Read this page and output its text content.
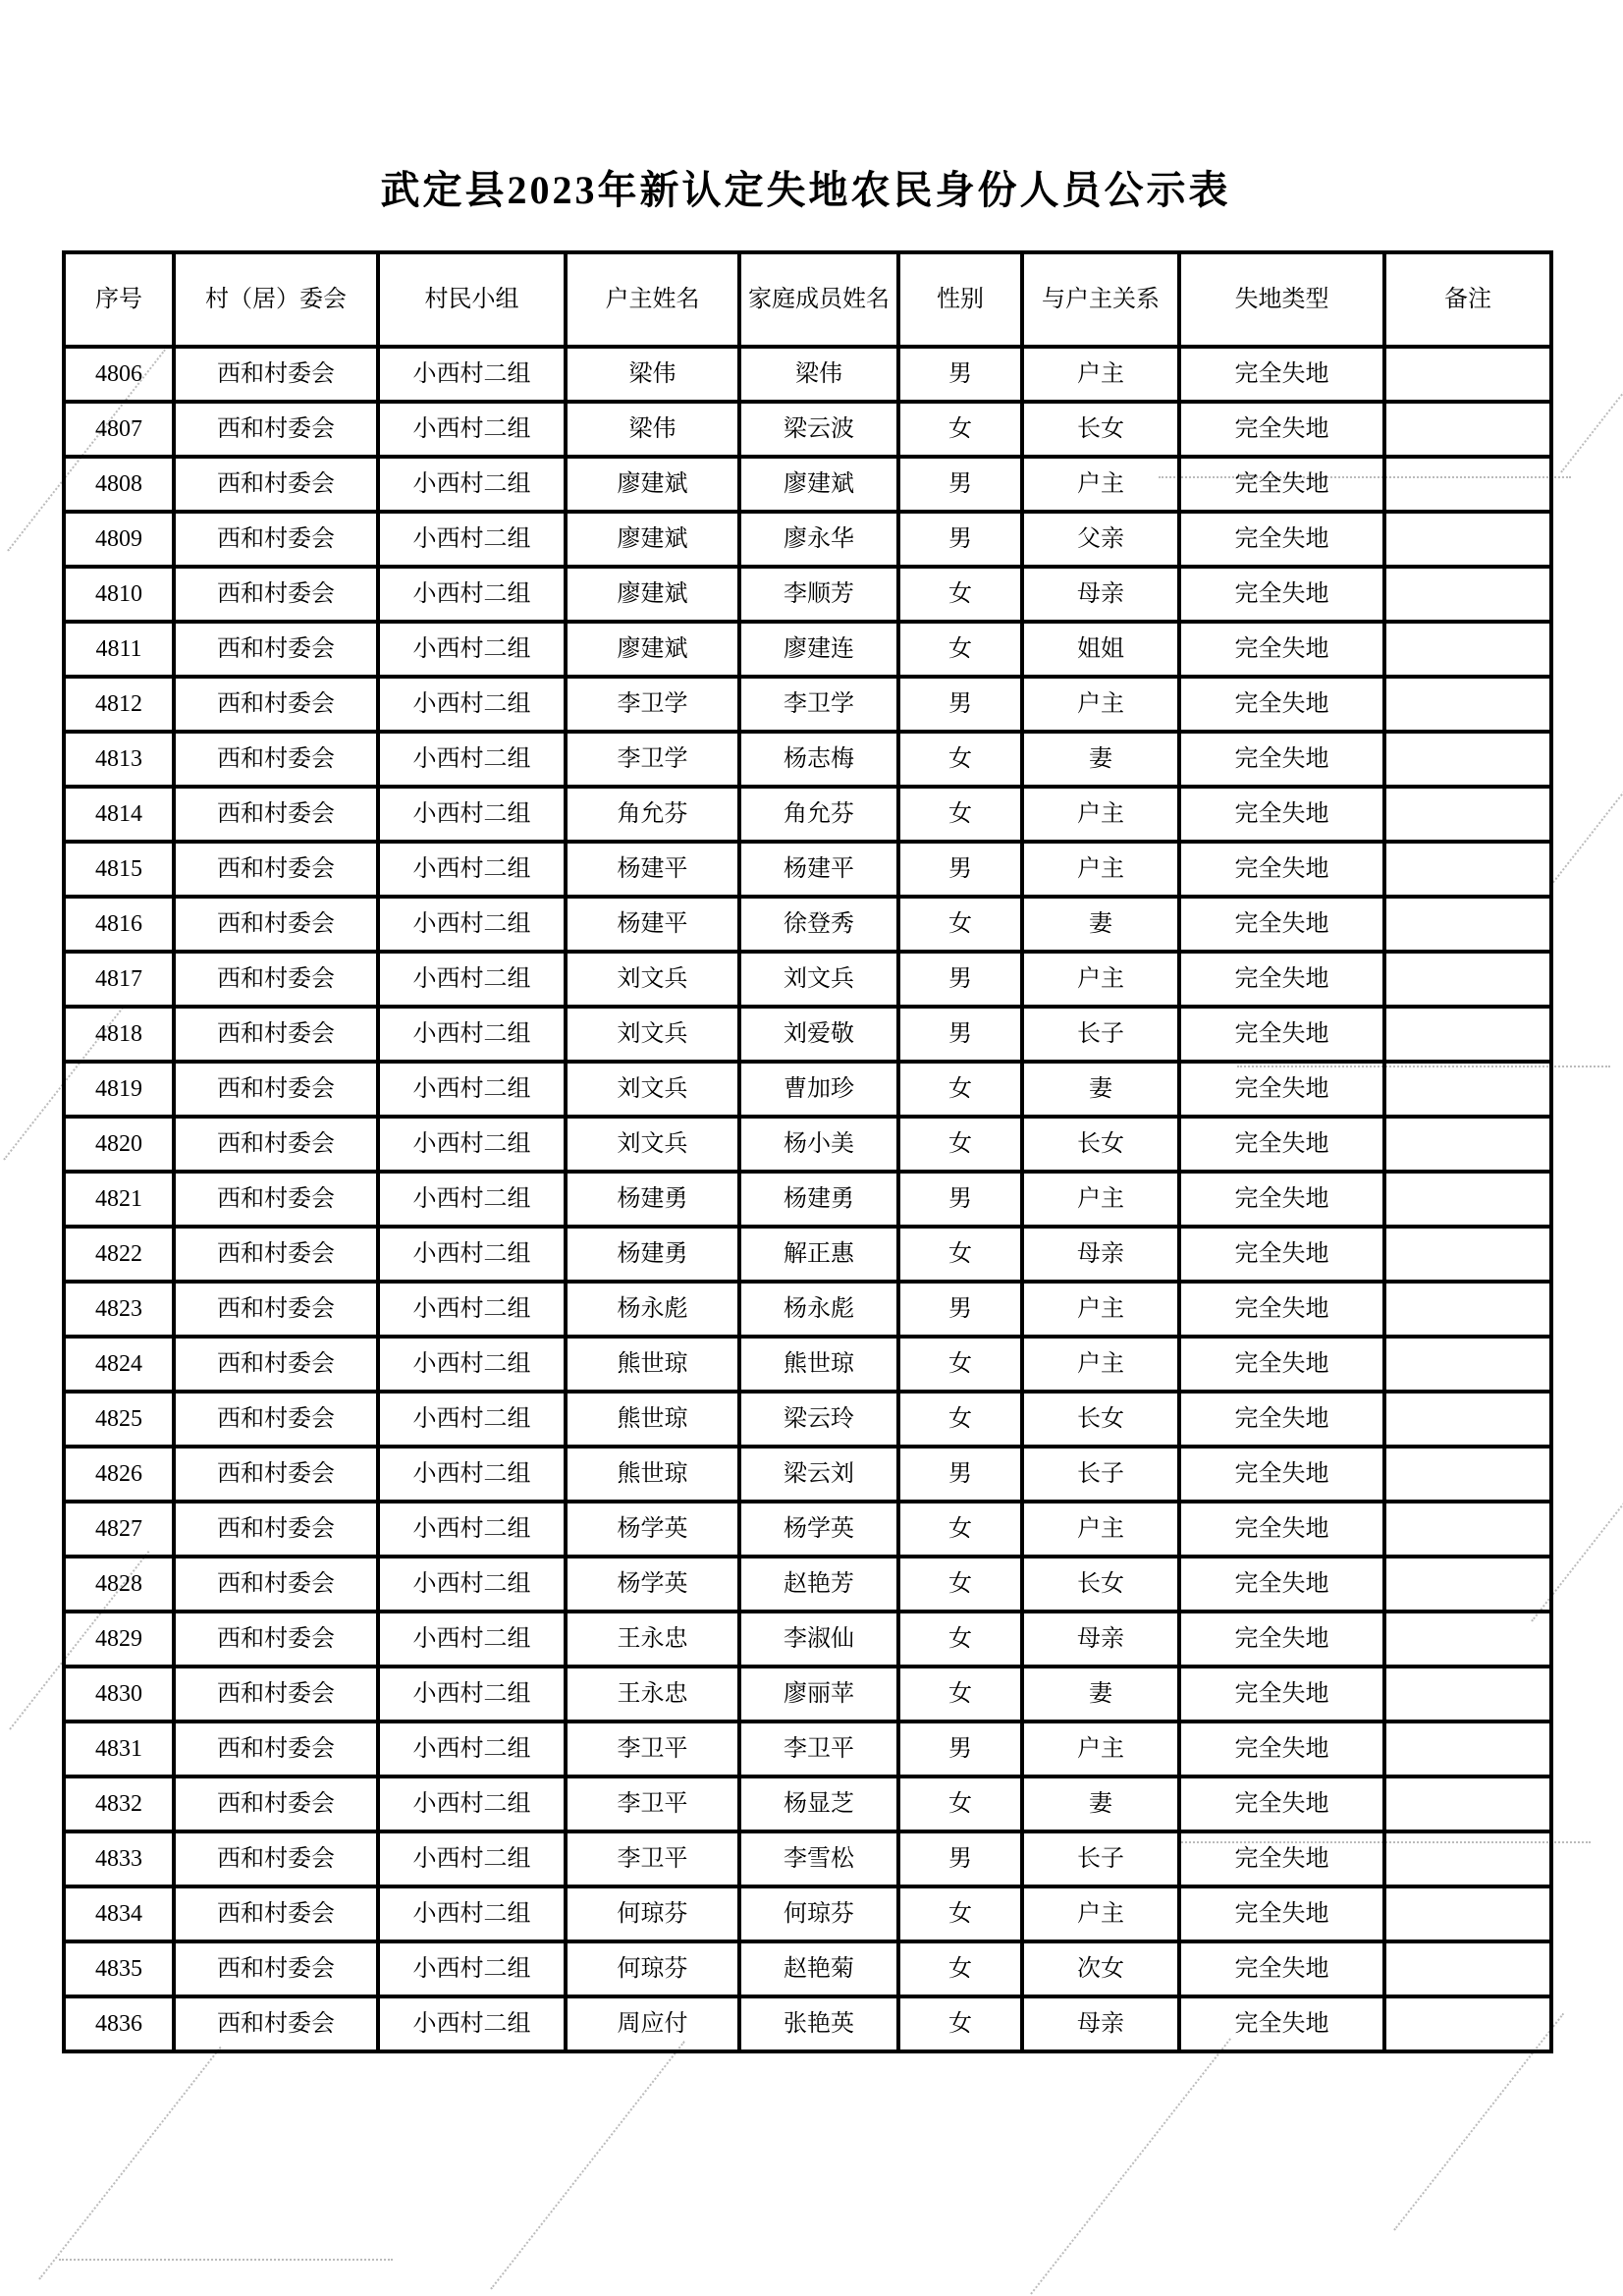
武定县2023年新认定失地农民身份人员公示表
序号	村（居）委会	村民小组	户主姓名	家庭成员姓名	性别	与户主关系	失地类型	备注
4806	西和村委会	小西村二组	梁伟	梁伟	男	户主	完全失地	
4807	西和村委会	小西村二组	梁伟	梁云波	女	长女	完全失地	
4808	西和村委会	小西村二组	廖建斌	廖建斌	男	户主	完全失地	
4809	西和村委会	小西村二组	廖建斌	廖永华	男	父亲	完全失地	
4810	西和村委会	小西村二组	廖建斌	李顺芳	女	母亲	完全失地	
4811	西和村委会	小西村二组	廖建斌	廖建连	女	姐姐	完全失地	
4812	西和村委会	小西村二组	李卫学	李卫学	男	户主	完全失地	
4813	西和村委会	小西村二组	李卫学	杨志梅	女	妻	完全失地	
4814	西和村委会	小西村二组	角允芬	角允芬	女	户主	完全失地	
4815	西和村委会	小西村二组	杨建平	杨建平	男	户主	完全失地	
4816	西和村委会	小西村二组	杨建平	徐登秀	女	妻	完全失地	
4817	西和村委会	小西村二组	刘文兵	刘文兵	男	户主	完全失地	
4818	西和村委会	小西村二组	刘文兵	刘爱敬	男	长子	完全失地	
4819	西和村委会	小西村二组	刘文兵	曹加珍	女	妻	完全失地	
4820	西和村委会	小西村二组	刘文兵	杨小美	女	长女	完全失地	
4821	西和村委会	小西村二组	杨建勇	杨建勇	男	户主	完全失地	
4822	西和村委会	小西村二组	杨建勇	解正惠	女	母亲	完全失地	
4823	西和村委会	小西村二组	杨永彪	杨永彪	男	户主	完全失地	
4824	西和村委会	小西村二组	熊世琼	熊世琼	女	户主	完全失地	
4825	西和村委会	小西村二组	熊世琼	梁云玲	女	长女	完全失地	
4826	西和村委会	小西村二组	熊世琼	梁云刘	男	长子	完全失地	
4827	西和村委会	小西村二组	杨学英	杨学英	女	户主	完全失地	
4828	西和村委会	小西村二组	杨学英	赵艳芳	女	长女	完全失地	
4829	西和村委会	小西村二组	王永忠	李淑仙	女	母亲	完全失地	
4830	西和村委会	小西村二组	王永忠	廖丽苹	女	妻	完全失地	
4831	西和村委会	小西村二组	李卫平	李卫平	男	户主	完全失地	
4832	西和村委会	小西村二组	李卫平	杨显芝	女	妻	完全失地	
4833	西和村委会	小西村二组	李卫平	李雪松	男	长子	完全失地	
4834	西和村委会	小西村二组	何琼芬	何琼芬	女	户主	完全失地	
4835	西和村委会	小西村二组	何琼芬	赵艳菊	女	次女	完全失地	
4836	西和村委会	小西村二组	周应付	张艳英	女	母亲	完全失地	
